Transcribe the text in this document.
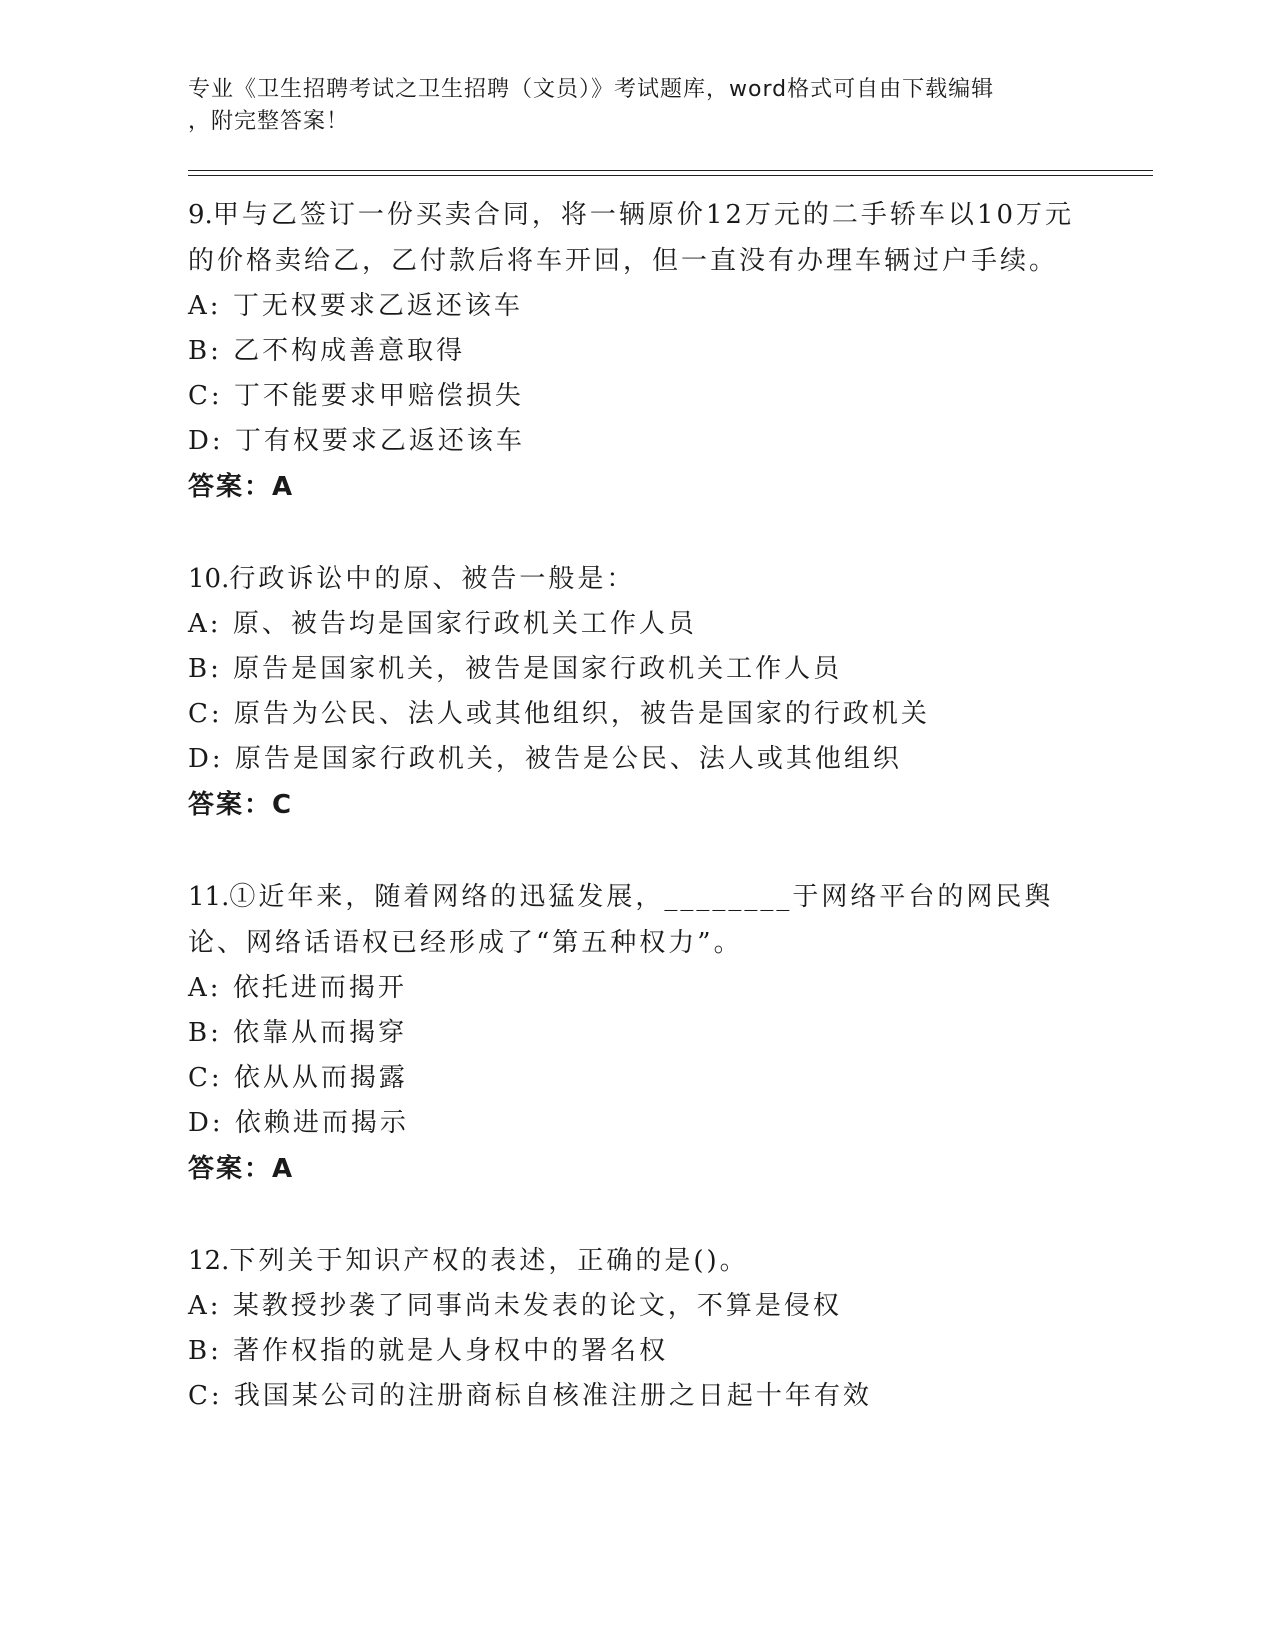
专业《卫生招聘考试之卫生招聘（文员）》考试题库，word格式可自由下载编辑
，附完整答案！

9.甲与乙签订一份买卖合同，将一辆原价12万元的二手轿车以10万元的价格卖给乙，乙付款后将车开回，但一直没有办理车辆过户手续。

A: 丁无权要求乙返还该车

B: 乙不构成善意取得

C: 丁不能要求甲赔偿损失

D: 丁有权要求乙返还该车

答案：A

10.行政诉讼中的原、被告一般是：

A: 原、被告均是国家行政机关工作人员

B: 原告是国家机关，被告是国家行政机关工作人员

C: 原告为公民、法人或其他组织，被告是国家的行政机关

D: 原告是国家行政机关，被告是公民、法人或其他组织

答案：C

11.①近年来，随着网络的迅猛发展，________于网络平台的网民舆论、网络话语权已经形成了“第五种权力”。

A: 依托进而揭开

B: 依靠从而揭穿

C: 依从从而揭露

D: 依赖进而揭示

答案：A

12.下列关于知识产权的表述，正确的是()。

A: 某教授抄袭了同事尚未发表的论文，不算是侵权

B: 著作权指的就是人身权中的署名权

C: 我国某公司的注册商标自核准注册之日起十年有效
